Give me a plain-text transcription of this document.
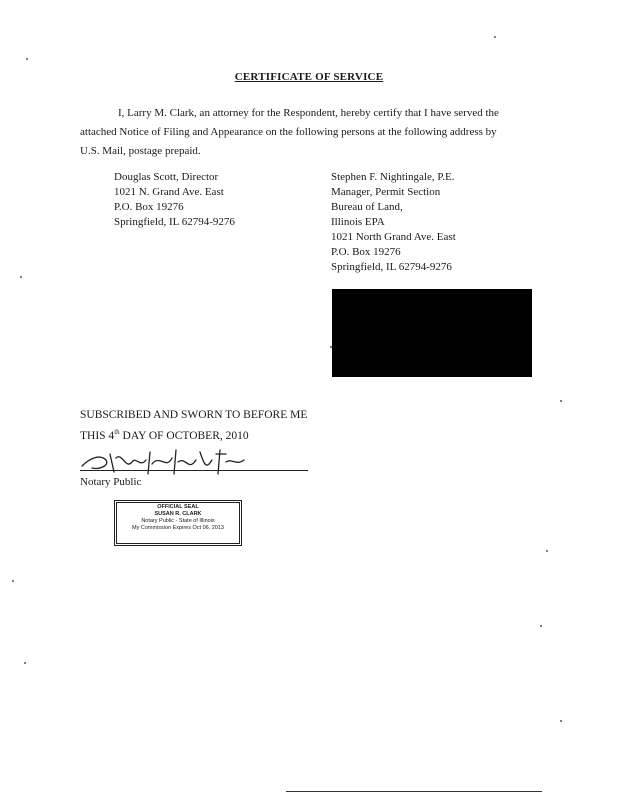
CERTIFICATE OF SERVICE
I, Larry M. Clark, an attorney for the Respondent, hereby certify that I have served the
attached Notice of Filing and Appearance on the following persons at the following address by
U.S. Mail, postage prepaid.
Douglas Scott, Director
1021 N. Grand Ave. East
P.O. Box 19276
Springfield, IL 62794-9276
Stephen F. Nightingale, P.E.
Manager, Permit Section
Bureau of Land,
Illinois EPA
1021 North Grand Ave. East
P.O. Box 19276
Springfield, IL 62794-9276
SUBSCRIBED AND SWORN TO BEFORE ME
THIS 4th DAY OF OCTOBER, 2010
Notary Public
OFFICIAL SEAL
SUSAN R. CLARK
Notary Public - State of Illinois
My Commission Expires Oct 06, 2013
